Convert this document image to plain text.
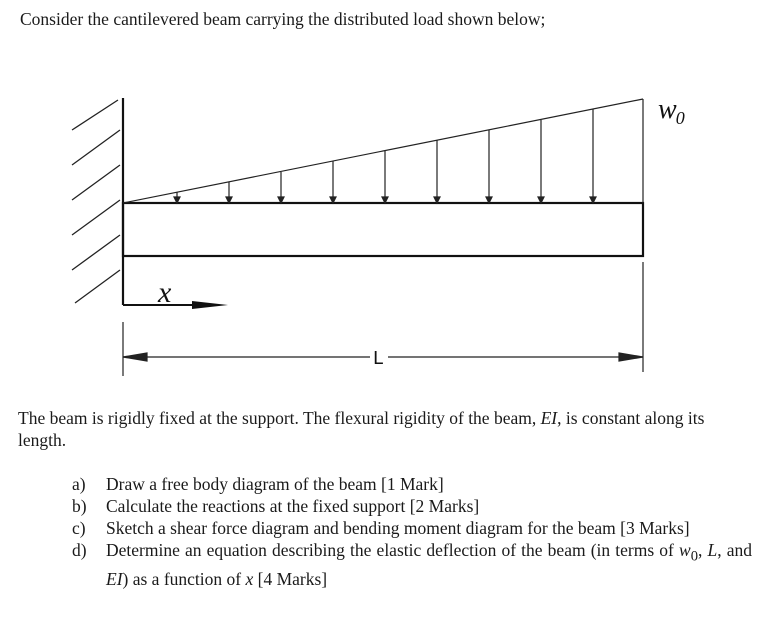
Consider the cantilevered beam carrying the distributed load shown below;

w0
x
L

The beam is rigidly fixed at the support. The flexural rigidity of the beam, EI, is constant along its length.

a) Draw a free body diagram of the beam [1 Mark]
b) Calculate the reactions at the fixed support [2 Marks]
c) Sketch a shear force diagram and bending moment diagram for the beam [3 Marks]
d) Determine an equation describing the elastic deflection of the beam (in terms of $w_0$, L, and EI) as a function of x [4 Marks]
